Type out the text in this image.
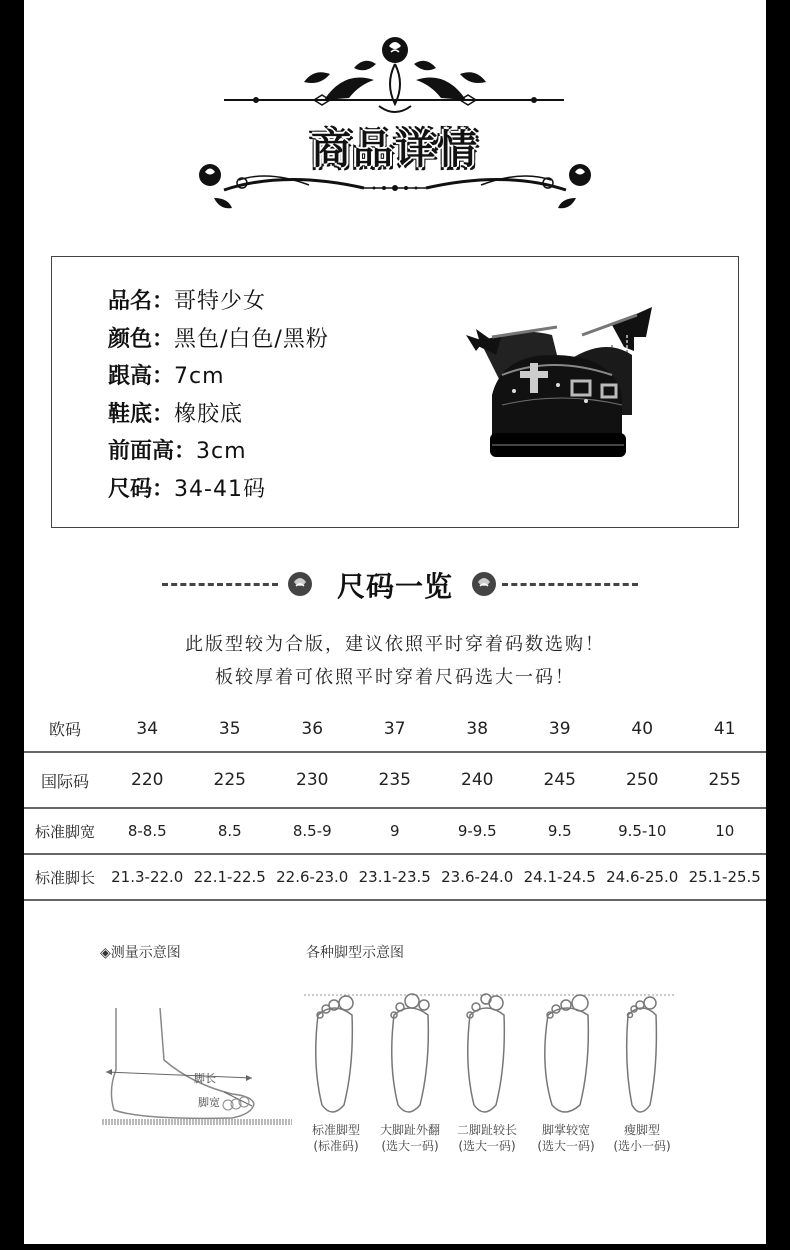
商品详情
品名：哥特少女
颜色：黑色/白色/黑粉
跟高：7cm
鞋底：橡胶底
前面高：3cm
尺码：34-41码
尺码一览
此版型较为合版，建议依照平时穿着码数选购！
板较厚着可依照平时穿着尺码选大一码！
欧码	34	35	36	37	38	39	40	41
国际码	220	225	230	235	240	245	250	255
标准脚宽	8-8.5	8.5	8.5-9	9	9-9.5	9.5	9.5-10	10
标准脚长	21.3-22.0	22.1-22.5	22.6-23.0	23.1-23.5	23.6-24.0	24.1-24.5	24.6-25.0	25.1-25.5
◈测量示意图	各种脚型示意图
脚长
脚宽
标准脚型
(标准码)
大脚趾外翻
(选大一码)
二脚趾较长
(选大一码)
脚掌较宽
(选大一码)
瘦脚型
(选小一码)
